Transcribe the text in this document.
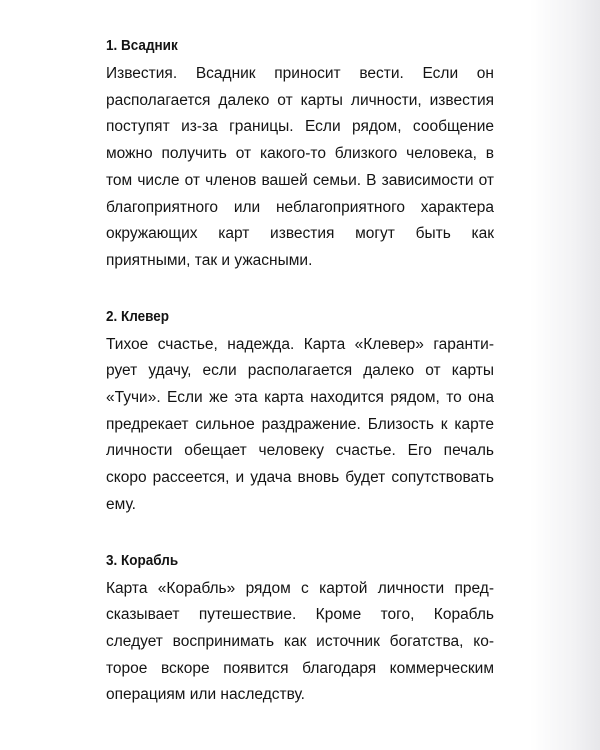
1. Всадник

Известия. Всадник приносит вести. Если он располагается далеко от карты личности, известия поступят из-за границы. Если рядом, сообщение можно получить от какого-то близкого человека, в том числе от членов вашей семьи. В зависимости от благоприятного или неблагоприятного характера окружающих карт известия могут быть как приятными, так и ужасными.

2. Клевер

Тихое счастье, надежда. Карта «Клевер» гарантирует удачу, если располагается далеко от карты «Тучи». Если же эта карта находится рядом, то она предрекает сильное раздражение. Близость к карте личности обещает человеку счастье. Его печаль скоро рассеется, и удача вновь будет сопутствовать ему.

3. Корабль

Карта «Корабль» рядом с картой личности предсказывает путешествие. Кроме того, Корабль следует воспринимать как источник богатства, которое вскоре появится благодаря коммерческим операциям или наследству.
